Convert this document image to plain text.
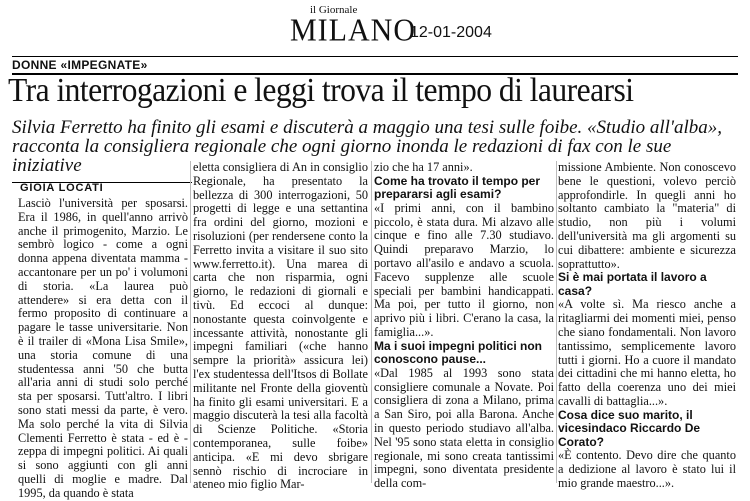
il Giornale
MILANO
12-01-2004
DONNE «IMPEGNATE»
Tra interrogazioni e leggi trova il tempo di laurearsi
Silvia Ferretto ha finito gli esami e discuterà a maggio una tesi sulle foibe. «Studio all'alba», racconta la consigliera regionale che ogni giorno inonda le redazioni di fax con le sue iniziative
GIOIA LOCATI

Lasciò l'università per sposarsi. Era il 1986, in quell'anno arrivò anche il primogenito, Marzio. Le sembrò logico - come a ogni donna appena diventata mamma - accantonare per un po' i volumoni di storia. «La laurea può attendere» si era detta con il fermo proposito di continuare a pagare le tasse universitarie. Non è il trailer di «Mona Lisa Smile», una storia comune di una studentessa anni '50 che butta all'aria anni di studi solo perché sta per sposarsi. Tutt'altro. I libri sono stati messi da parte, è vero. Ma solo perché la vita di Silvia Clementi Ferretto è stata - ed è - zeppa di impegni politici. Ai quali si sono aggiunti con gli anni quelli di moglie e madre. Dal 1995, da quando è stata

eletta consigliera di An in consiglio Regionale, ha presentato la bellezza di 300 interrogazioni, 50 progetti di legge e una settantina fra ordini del giorno, mozioni e risoluzioni (per rendersene conto la Ferretto invita a visitare il suo sito www.ferretto.it). Una marea di carta che non risparmia, ogni giorno, le redazioni di giornali e tivù. Ed eccoci al dunque: nonostante questa coinvolgente e incessante attività, nonostante gli impegni familiari («che hanno sempre la priorità» assicura lei) l'ex studentessa dell'Itsos di Bollate militante nel Fronte della gioventù ha finito gli esami universitari. E a maggio discuterà la tesi alla facoltà di Scienze Politiche. «Storia contemporanea, sulle foibe» anticipa. «E mi devo sbrigare sennò rischio di incrociare in ateneo mio figlio Mar-

zio che ha 17 anni».

Come ha trovato il tempo per prepararsi agli esami?

«I primi anni, con il bambino piccolo, è stata dura. Mi alzavo alle cinque e fino alle 7.30 studiavo. Quindi preparavo Marzio, lo portavo all'asilo e andavo a scuola. Facevo supplenze alle scuole speciali per bambini handicappati. Ma poi, per tutto il giorno, non aprivo più i libri. C'erano la casa, la famiglia...».

Ma i suoi impegni politici non conoscono pause...

«Dal 1985 al 1993 sono stata consigliere comunale a Novate. Poi consigliera di zona a Milano, prima a San Siro, poi alla Barona. Anche in questo periodo studiavo all'alba. Nel '95 sono stata eletta in consiglio regionale, mi sono creata tantissimi impegni, sono diventata presidente della com-

missione Ambiente. Non conoscevo bene le questioni, volevo perciò approfondirle. In quegli anni ho soltanto cambiato la "materia" di studio, non più i volumi dell'università ma gli argomenti su cui dibattere: ambiente e sicurezza soprattutto».

Si è mai portata il lavoro a casa?

«A volte sì. Ma riesco anche a ritagliarmi dei momenti miei, penso che siano fondamentali. Non lavoro tantissimo, semplicemente lavoro tutti i giorni. Ho a cuore il mandato dei cittadini che mi hanno eletta, ho fatto della coerenza uno dei miei cavalli di battaglia...».

Cosa dice suo marito, il vicesindaco Riccardo De Corato?

«È contento. Devo dire che quanto a dedizione al lavoro è stato lui il mio grande maestro...».
